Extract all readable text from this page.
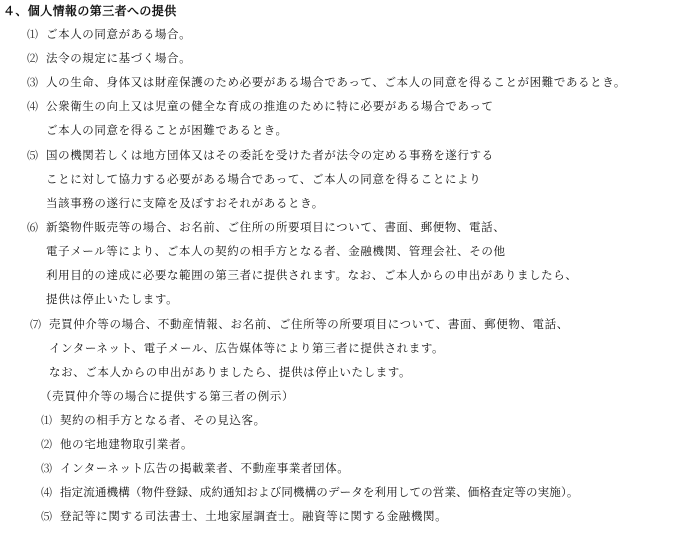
４、個人情報の第三者への提供
⑴ ご本人の同意がある場合。
⑵ 法令の規定に基づく場合。
⑶ 人の生命、身体又は財産保護のため必要がある場合であって、ご本人の同意を得ることが困難であるとき。
⑷ 公衆衛生の向上又は児童の健全な育成の推進のために特に必要がある場合であって
ご本人の同意を得ることが困難であるとき。
⑸ 国の機関若しくは地方団体又はその委託を受けた者が法令の定める事務を遂行する
ことに対して協力する必要がある場合であって、ご本人の同意を得ることにより
当該事務の遂行に支障を及ぼすおそれがあるとき。
⑹ 新築物件販売等の場合、お名前、ご住所の所要項目について、書面、郵便物、電話、
電子メール等により、ご本人の契約の相手方となる者、金融機関、管理会社、その他
利用目的の達成に必要な範囲の第三者に提供されます。なお、ご本人からの申出がありましたら、
提供は停止いたします。
⑺ 売買仲介等の場合、不動産情報、お名前、ご住所等の所要項目について、書面、郵便物、電話、
インターネット、電子メール、広告媒体等により第三者に提供されます。
なお、ご本人からの申出がありましたら、提供は停止いたします。
（売買仲介等の場合に提供する第三者の例示）
⑴ 契約の相手方となる者、その見込客。
⑵ 他の宅地建物取引業者。
⑶ インターネット広告の掲載業者、不動産事業者団体。
⑷ 指定流通機構（物件登録、成約通知および同機構のデータを利用しての営業、価格査定等の実施）。
⑸ 登記等に関する司法書士、土地家屋調査士。融資等に関する金融機関。
